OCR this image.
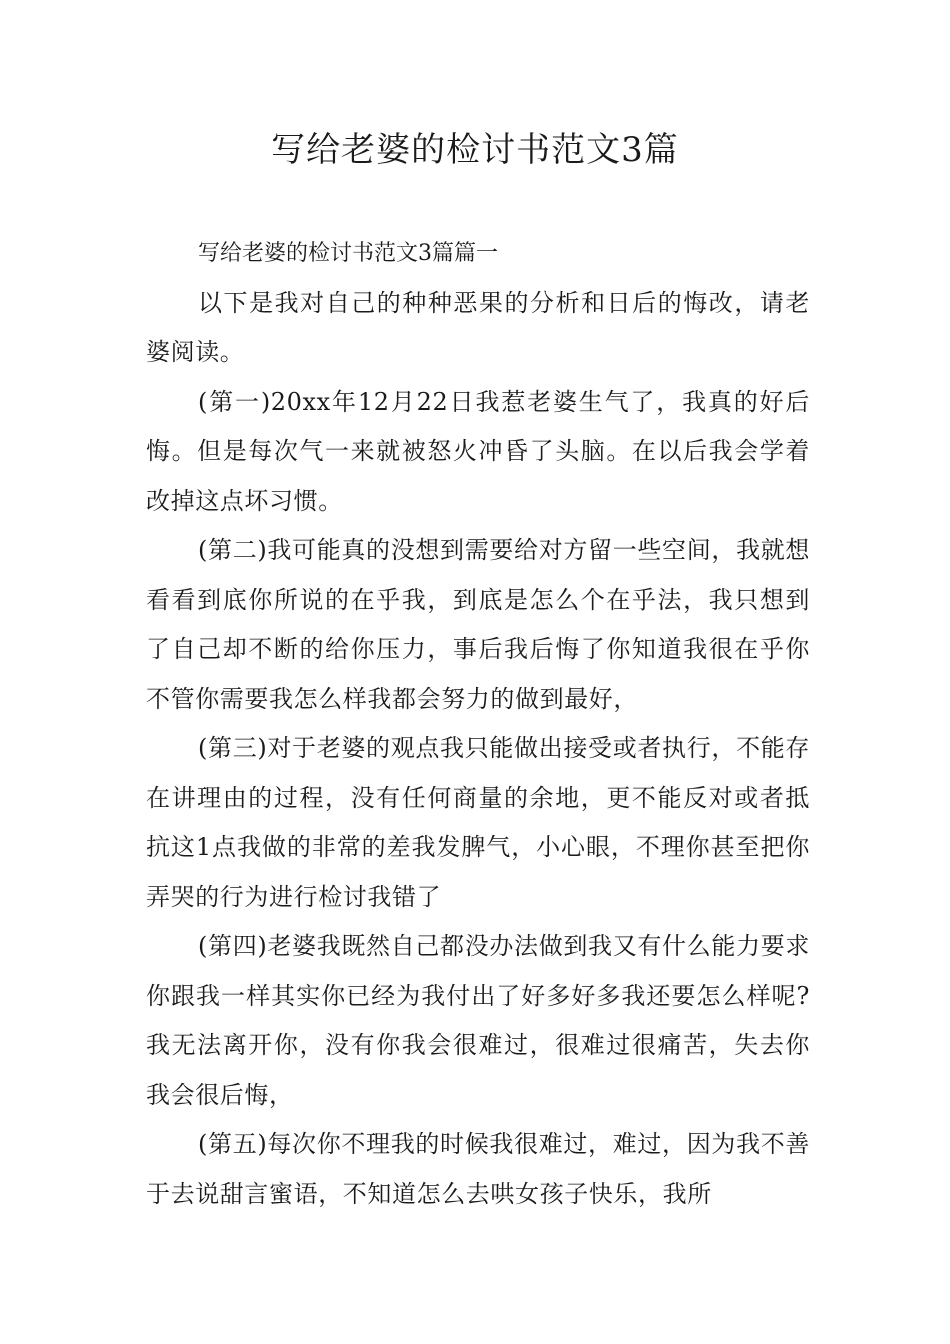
写给老婆的检讨书范文3篇

写给老婆的检讨书范文3篇篇一

以下是我对自己的种种恶果的分析和日后的悔改，请老婆阅读。

(第一)20xx年12月22日我惹老婆生气了，我真的好后悔。但是每次气一来就被怒火冲昏了头脑。在以后我会学着改掉这点坏习惯。

(第二)我可能真的没想到需要给对方留一些空间，我就想看看到底你所说的在乎我，到底是怎么个在乎法，我只想到了自己却不断的给你压力，事后我后悔了你知道我很在乎你不管你需要我怎么样我都会努力的做到最好，

(第三)对于老婆的观点我只能做出接受或者执行，不能存在讲理由的过程，没有任何商量的余地，更不能反对或者抵抗这1点我做的非常的差我发脾气，小心眼，不理你甚至把你弄哭的行为进行检讨我错了

(第四)老婆我既然自己都没办法做到我又有什么能力要求你跟我一样其实你已经为我付出了好多好多我还要怎么样呢?我无法离开你，没有你我会很难过，很难过很痛苦，失去你我会很后悔，

(第五)每次你不理我的时候我很难过，难过，因为我不善于去说甜言蜜语，不知道怎么去哄女孩子快乐，我所
